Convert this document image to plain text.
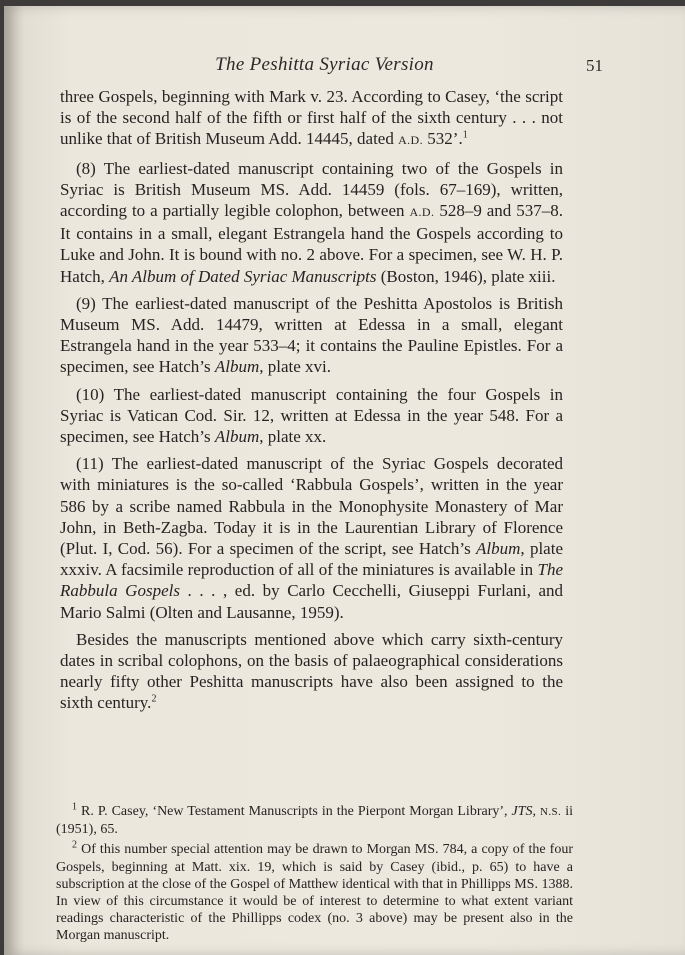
The Peshitta Syriac Version	51

three Gospels, beginning with Mark v. 23. According to Casey, ‘the script is of the second half of the fifth or first half of the sixth century . . . not unlike that of British Museum Add. 14445, dated A.D. 532’.$^1$

(8) The earliest-dated manuscript containing two of the Gospels in Syriac is British Museum MS. Add. 14459 (fols. 67–169), written, according to a partially legible colophon, between A.D. 528–9 and 537–8. It contains in a small, elegant Estrangela hand the Gospels according to Luke and John. It is bound with no. 2 above. For a specimen, see W. H. P. Hatch, An Album of Dated Syriac Manuscripts (Boston, 1946), plate xiii.

(9) The earliest-dated manuscript of the Peshitta Apostolos is British Museum MS. Add. 14479, written at Edessa in a small, elegant Estrangela hand in the year 533–4; it contains the Pauline Epistles. For a specimen, see Hatch’s Album, plate xvi.

(10) The earliest-dated manuscript containing the four Gospels in Syriac is Vatican Cod. Sir. 12, written at Edessa in the year 548. For a specimen, see Hatch’s Album, plate xx.

(11) The earliest-dated manuscript of the Syriac Gospels decorated with miniatures is the so-called ‘Rabbula Gospels’, written in the year 586 by a scribe named Rabbula in the Monophysite Monastery of Mar John, in Beth-Zagba. Today it is in the Laurentian Library of Florence (Plut. I, Cod. 56). For a specimen of the script, see Hatch’s Album, plate xxxiv. A facsimile reproduction of all of the miniatures is available in The Rabbula Gospels . . . , ed. by Carlo Cecchelli, Giuseppi Furlani, and Mario Salmi (Olten and Lausanne, 1959).

Besides the manuscripts mentioned above which carry sixth-century dates in scribal colophons, on the basis of palaeographical considerations nearly fifty other Peshitta manuscripts have also been assigned to the sixth century.$^2$

$^1$ R. P. Casey, ‘New Testament Manuscripts in the Pierpont Morgan Library’, JTS, N.S. ii (1951), 65.

$^2$ Of this number special attention may be drawn to Morgan MS. 784, a copy of the four Gospels, beginning at Matt. xix. 19, which is said by Casey (ibid., p. 65) to have a subscription at the close of the Gospel of Matthew identical with that in Phillipps MS. 1388. In view of this circumstance it would be of interest to determine to what extent variant readings characteristic of the Phillipps codex (no. 3 above) may be present also in the Morgan manuscript.
